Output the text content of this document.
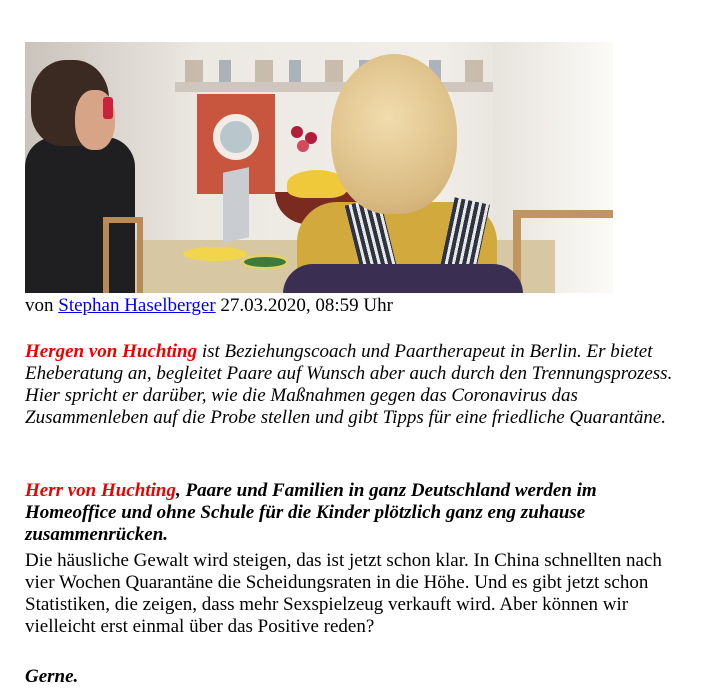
von Stephan Haselberger 27.03.2020, 08:59 Uhr

Hergen von Huchting ist Beziehungscoach und Paartherapeut in Berlin. Er bietet Eheberatung an, begleitet Paare auf Wunsch aber auch durch den Trennungsprozess. Hier spricht er darüber, wie die Maßnahmen gegen das Coronavirus das Zusammenleben auf die Probe stellen und gibt Tipps für eine friedliche Quarantäne.

Herr von Huchting, Paare und Familien in ganz Deutschland werden im Homeoffice und ohne Schule für die Kinder plötzlich ganz eng zuhause zusammenrücken.

Die häusliche Gewalt wird steigen, das ist jetzt schon klar. In China schnellten nach vier Wochen Quarantäne die Scheidungsraten in die Höhe. Und es gibt jetzt schon Statistiken, die zeigen, dass mehr Sexspielzeug verkauft wird. Aber können wir vielleicht erst einmal über das Positive reden?

Gerne.
